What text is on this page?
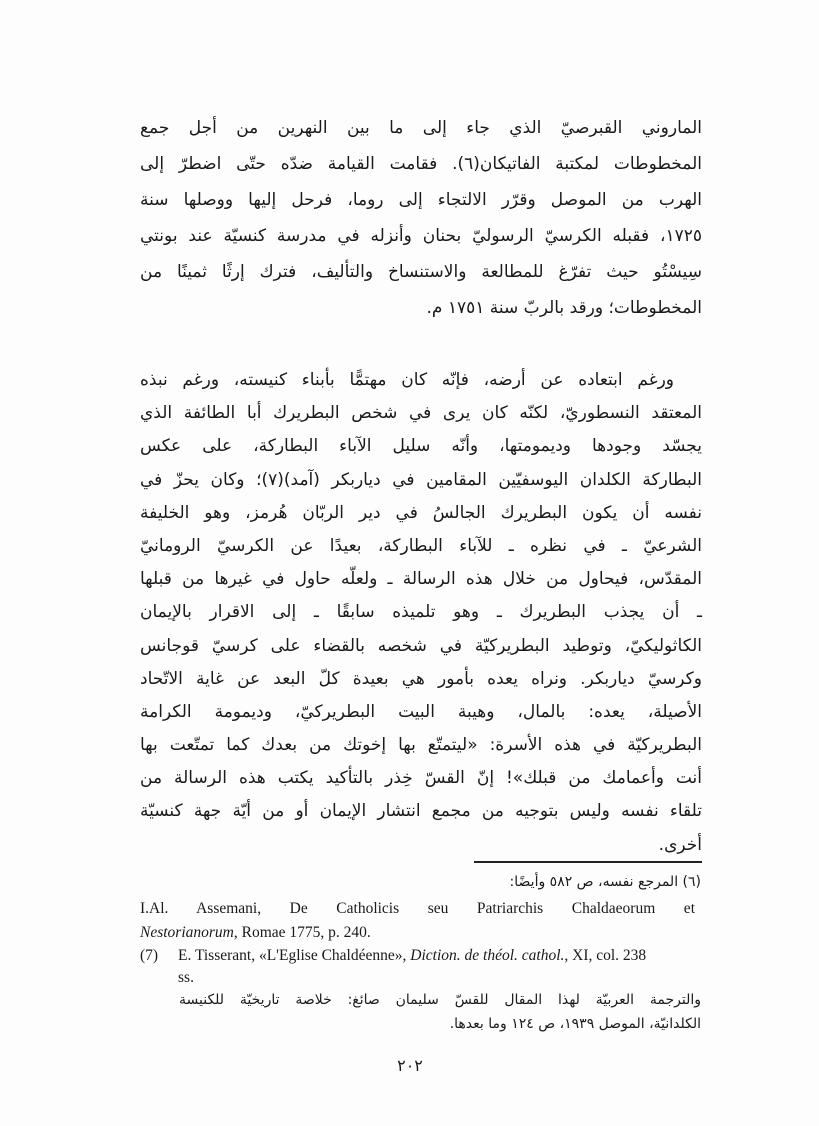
الماروني القبرصيّ الذي جاء إلى ما بين النهرين من أجل جمع
المخطوطات لمكتبة الفاتيكان(٦). فقامت القيامة ضدّه حتّى اضطرّ إلى
الهرب من الموصل وقرّر الالتجاء إلى روما، فرحل إليها ووصلها سنة
١٧٢٥، فقبله الكرسيّ الرسوليّ بحنان وأنزله في مدرسة كنسيّة عند بونتي
سِيسْتُو حيث تفرّغ للمطالعة والاستنساخ والتأليف، فترك إرثًا ثمينًا من
المخطوطات؛ ورقد بالربّ سنة ١٧٥١ م.
ورغم ابتعاده عن أرضه، فإنّه كان مهتمًّا بأبناء كنيسته، ورغم نبذه
المعتقد النسطوريّ، لكنّه كان يرى في شخص البطريرك أبا الطائفة الذي
يجسّد وجودها وديمومتها، وأنّه سليل الآباء البطاركة، على عكس
البطاركة الكلدان اليوسفيّين المقامين في دياربكر (آمد)(٧)؛ وكان يحزّ في
نفسه أن يكون البطريرك الجالسُ في دير الربّان هُرمز، وهو الخليفة
الشرعيّ ـ في نظره ـ للآباء البطاركة، بعيدًا عن الكرسيّ الرومانيّ
المقدّس، فيحاول من خلال هذه الرسالة ـ ولعلّه حاول في غيرها من قبلها
ـ أن يجذب البطريرك ـ وهو تلميذه سابقًا ـ إلى الاقرار بالإيمان
الكاثوليكيّ، وتوطيد البطريركيّة في شخصه بالقضاء على كرسيّ قوجانس
وكرسيّ دياربكر. ونراه يعده بأمور هي بعيدة كلّ البعد عن غاية الاتّحاد
الأصيلة، يعده: بالمال، وهيبة البيت البطريركيّ، وديمومة الكرامة
البطريركيّة في هذه الأسرة: «ليتمتّع بها إخوتك من بعدك كما تمتّعت بها
أنت وأعمامك من قبلك»! إنّ القسّ خِذر بالتأكيد يكتب هذه الرسالة من
تلقاء نفسه وليس بتوجيه من مجمع انتشار الإيمان أو من أيّة جهة كنسيّة
أخرى.
(٦) المرجع نفسه، ص ٥٨٢ وأيضًا:
I.Al. Assemani, De Catholicis seu Patriarchis Chaldaeorum et
Nestorianorum, Romae 1775, p. 240.
(7) E. Tisserant, «L'Eglise Chaldéenne», Diction. de théol. cathol., XI, col. 238
ss.
والترجمة العربيّة لهذا المقال للقسّ سليمان صائغ: خلاصة تاريخيّة للكنيسة
الكلدانيّة، الموصل ١٩٣٩، ص ١٢٤ وما بعدها.
٢٠٢
